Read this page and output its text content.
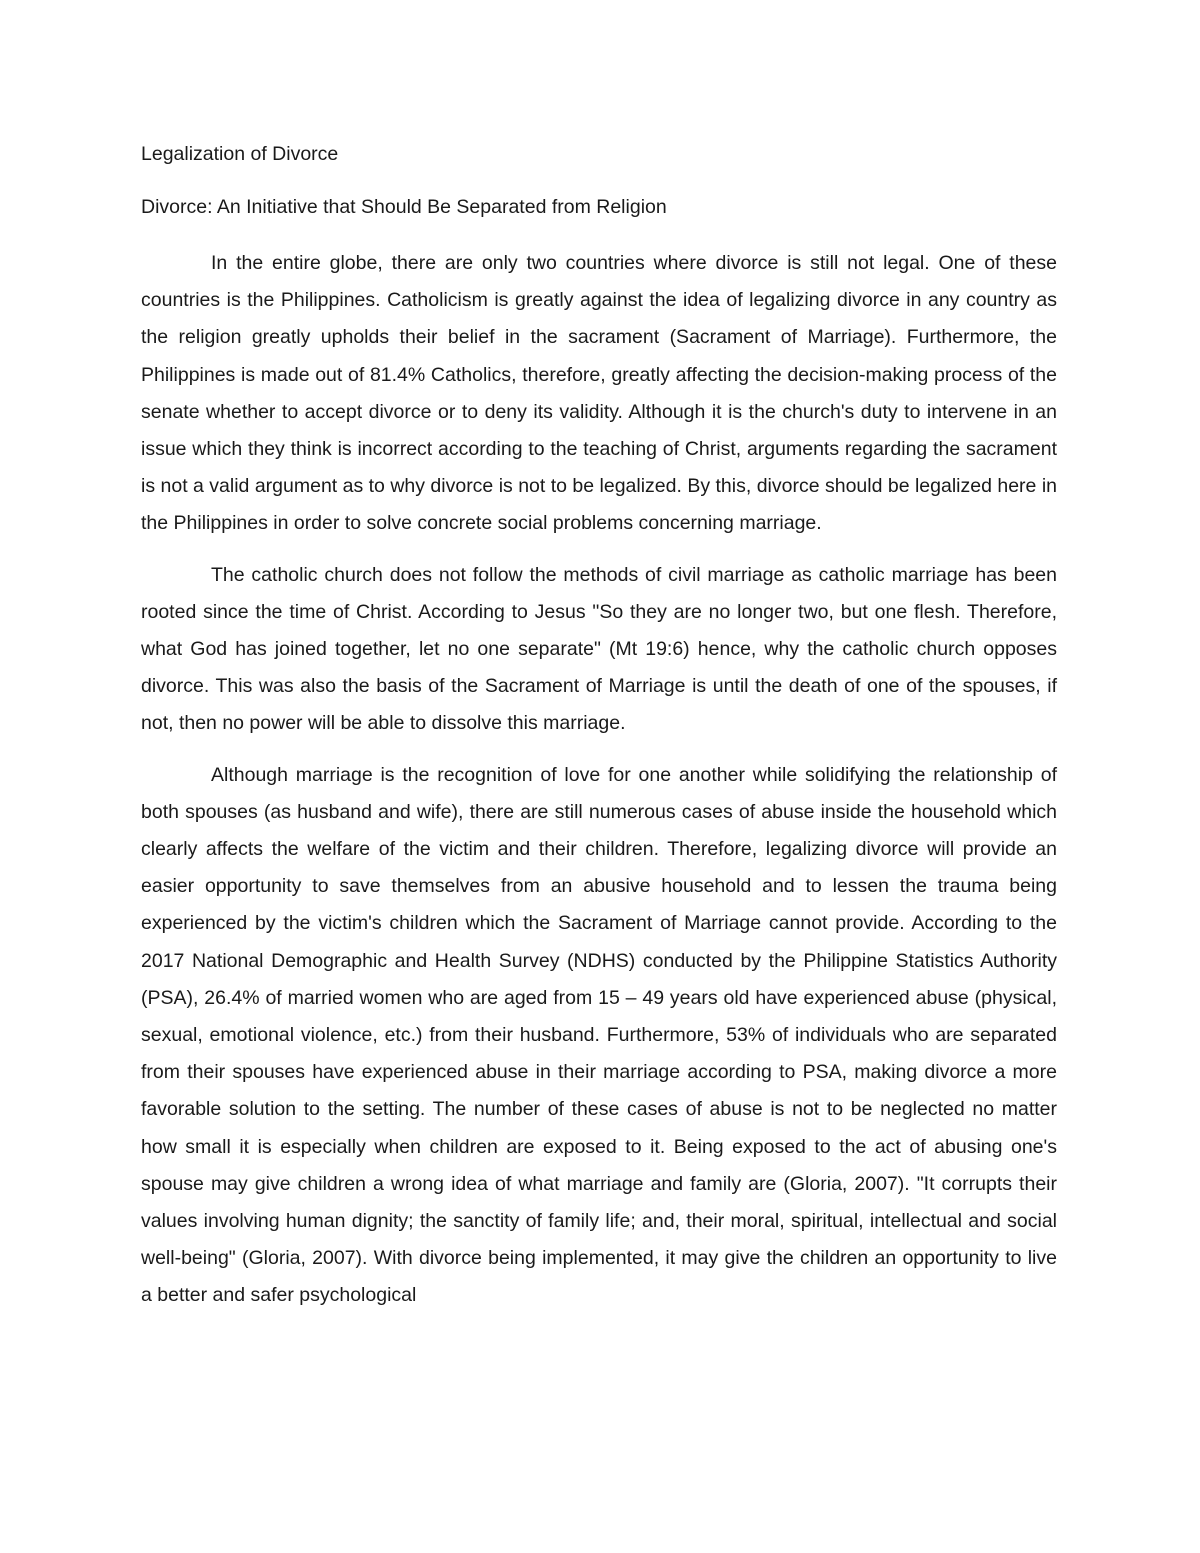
Legalization of Divorce

Divorce: An Initiative that Should Be Separated from Religion

In the entire globe, there are only two countries where divorce is still not legal. One of these countries is the Philippines. Catholicism is greatly against the idea of legalizing divorce in any country as the religion greatly upholds their belief in the sacrament (Sacrament of Marriage). Furthermore, the Philippines is made out of 81.4% Catholics, therefore, greatly affecting the decision-making process of the senate whether to accept divorce or to deny its validity. Although it is the church's duty to intervene in an issue which they think is incorrect according to the teaching of Christ, arguments regarding the sacrament is not a valid argument as to why divorce is not to be legalized. By this, divorce should be legalized here in the Philippines in order to solve concrete social problems concerning marriage.

The catholic church does not follow the methods of civil marriage as catholic marriage has been rooted since the time of Christ. According to Jesus "So they are no longer two, but one flesh. Therefore, what God has joined together, let no one separate" (Mt 19:6) hence, why the catholic church opposes divorce. This was also the basis of the Sacrament of Marriage is until the death of one of the spouses, if not, then no power will be able to dissolve this marriage.

Although marriage is the recognition of love for one another while solidifying the relationship of both spouses (as husband and wife), there are still numerous cases of abuse inside the household which clearly affects the welfare of the victim and their children. Therefore, legalizing divorce will provide an easier opportunity to save themselves from an abusive household and to lessen the trauma being experienced by the victim's children which the Sacrament of Marriage cannot provide. According to the 2017 National Demographic and Health Survey (NDHS) conducted by the Philippine Statistics Authority (PSA), 26.4% of married women who are aged from 15 – 49 years old have experienced abuse (physical, sexual, emotional violence, etc.) from their husband. Furthermore, 53% of individuals who are separated from their spouses have experienced abuse in their marriage according to PSA, making divorce a more favorable solution to the setting. The number of these cases of abuse is not to be neglected no matter how small it is especially when children are exposed to it. Being exposed to the act of abusing one's spouse may give children a wrong idea of what marriage and family are (Gloria, 2007). "It corrupts their values involving human dignity; the sanctity of family life; and, their moral, spiritual, intellectual and social well-being" (Gloria, 2007). With divorce being implemented, it may give the children an opportunity to live a better and safer psychological
